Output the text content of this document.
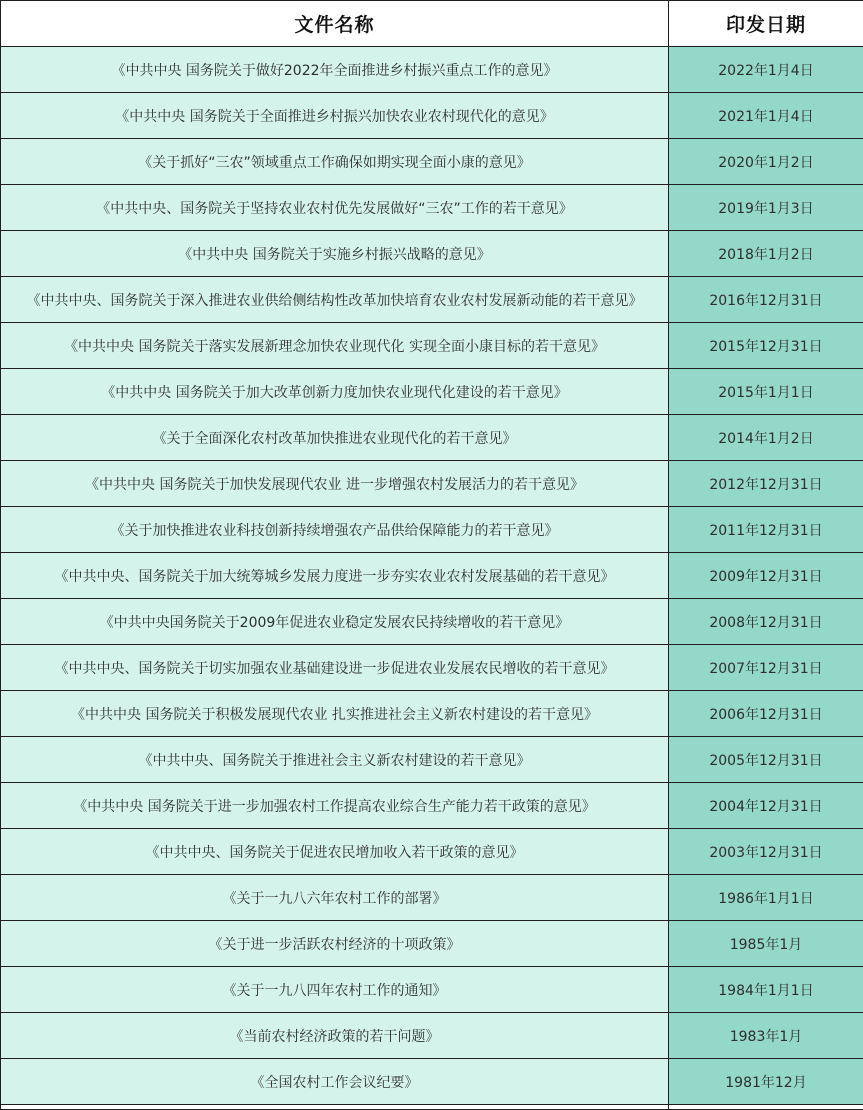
文件名称	印发日期
《中共中央 国务院关于做好2022年全面推进乡村振兴重点工作的意见》	2022年1月4日
《中共中央 国务院关于全面推进乡村振兴加快农业农村现代化的意见》	2021年1月4日
《关于抓好“三农”领域重点工作确保如期实现全面小康的意见》	2020年1月2日
《中共中央、国务院关于坚持农业农村优先发展做好“三农”工作的若干意见》	2019年1月3日
《中共中央 国务院关于实施乡村振兴战略的意见》	2018年1月2日
《中共中央、国务院关于深入推进农业供给侧结构性改革加快培育农业农村发展新动能的若干意见》	2016年12月31日
《中共中央 国务院关于落实发展新理念加快农业现代化 实现全面小康目标的若干意见》	2015年12月31日
《中共中央 国务院关于加大改革创新力度加快农业现代化建设的若干意见》	2015年1月1日
《关于全面深化农村改革加快推进农业现代化的若干意见》	2014年1月2日
《中共中央 国务院关于加快发展现代农业 进一步增强农村发展活力的若干意见》	2012年12月31日
《关于加快推进农业科技创新持续增强农产品供给保障能力的若干意见》	2011年12月31日
《中共中央、国务院关于加大统筹城乡发展力度进一步夯实农业农村发展基础的若干意见》	2009年12月31日
《中共中央国务院关于2009年促进农业稳定发展农民持续增收的若干意见》	2008年12月31日
《中共中央、国务院关于切实加强农业基础建设进一步促进农业发展农民增收的若干意见》	2007年12月31日
《中共中央 国务院关于积极发展现代农业 扎实推进社会主义新农村建设的若干意见》	2006年12月31日
《中共中央、国务院关于推进社会主义新农村建设的若干意见》	2005年12月31日
《中共中央 国务院关于进一步加强农村工作提高农业综合生产能力若干政策的意见》	2004年12月31日
《中共中央、国务院关于促进农民增加收入若干政策的意见》	2003年12月31日
《关于一九八六年农村工作的部署》	1986年1月1日
《关于进一步活跃农村经济的十项政策》	1985年1月
《关于一九八四年农村工作的通知》	1984年1月1日
《当前农村经济政策的若干问题》	1983年1月
《全国农村工作会议纪要》	1981年12月
